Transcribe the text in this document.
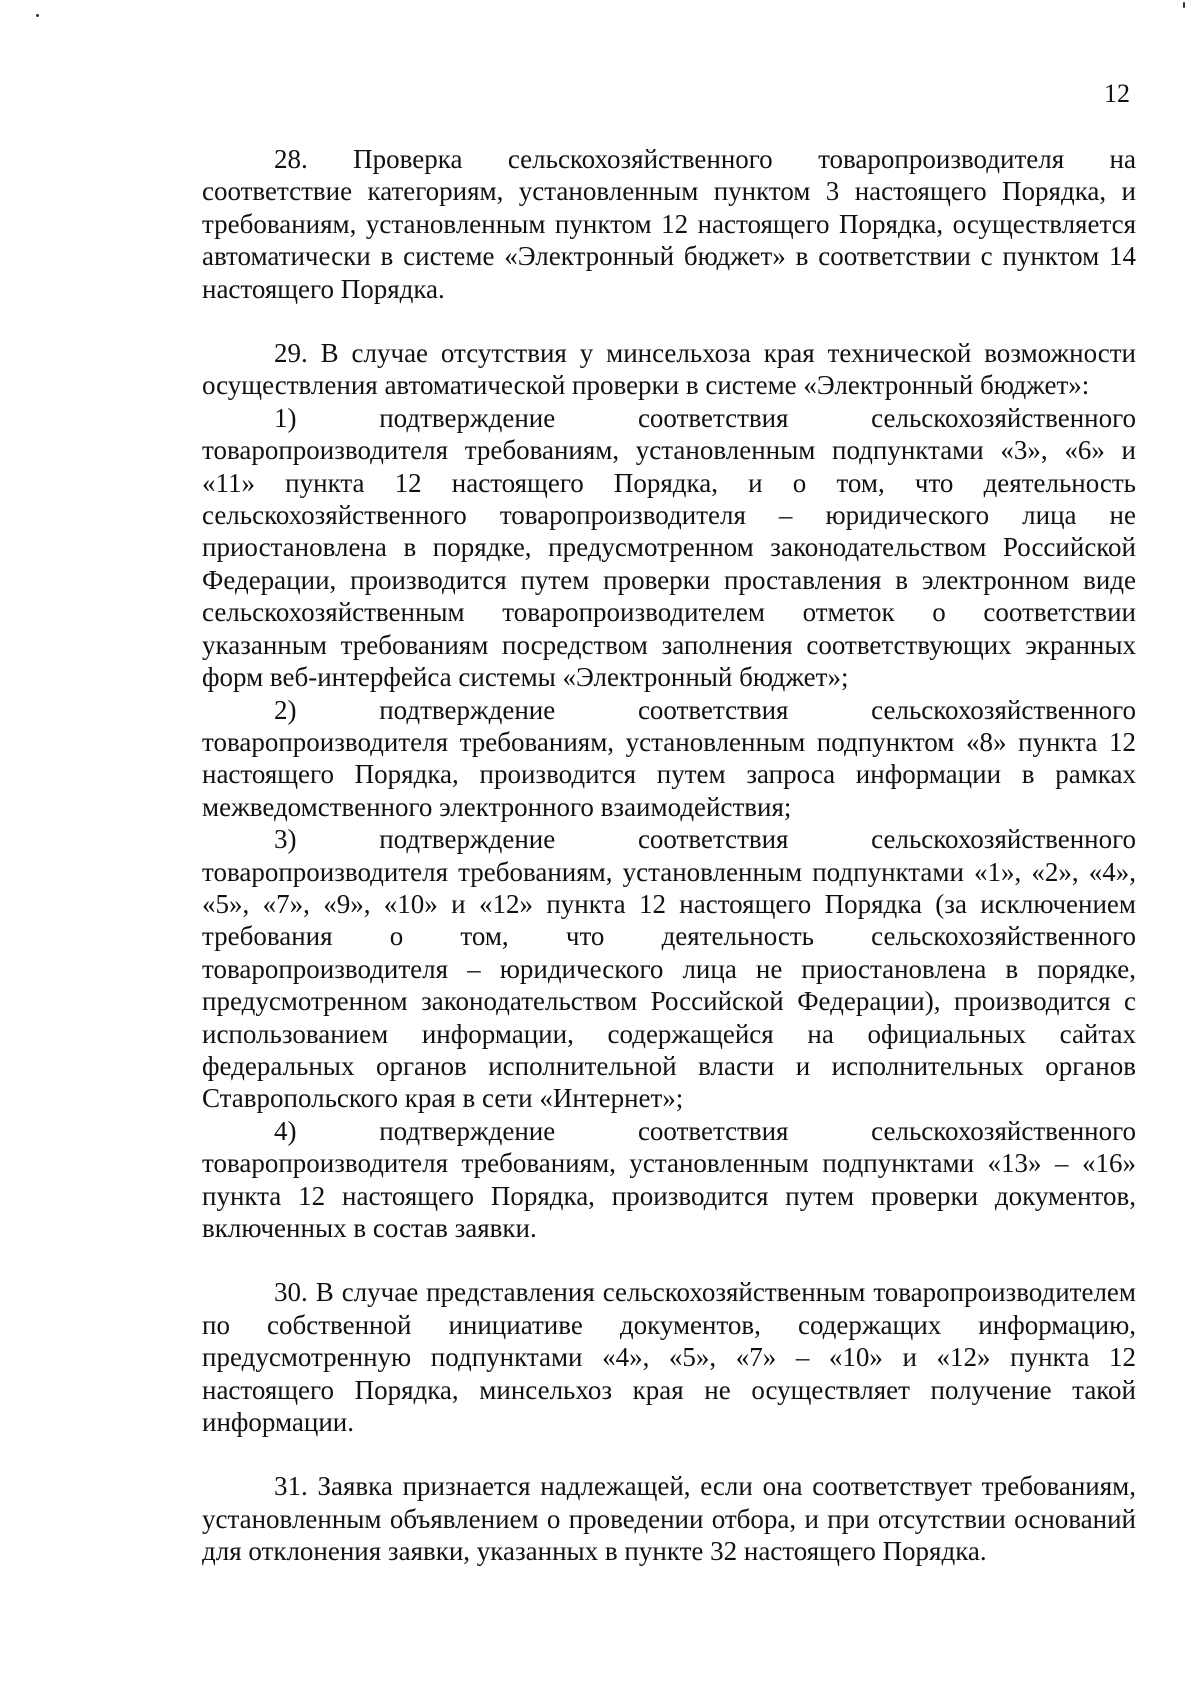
12

28. Проверка сельскохозяйственного товаропроизводителя на соответствие категориям, установленным пунктом 3 настоящего Порядка, и требованиям, установленным пунктом 12 настоящего Порядка, осуществляется автоматически в системе «Электронный бюджет» в соответствии с пунктом 14 настоящего Порядка.

29. В случае отсутствия у минсельхоза края технической возможности осуществления автоматической проверки в системе «Электронный бюджет»:

1) подтверждение соответствия сельскохозяйственного товаропроизводителя требованиям, установленным подпунктами «3», «6» и «11» пункта 12 настоящего Порядка, и о том, что деятельность сельскохозяйственного товаропроизводителя – юридического лица не приостановлена в порядке, предусмотренном законодательством Российской Федерации, производится путем проверки проставления в электронном виде сельскохозяйственным товаропроизводителем отметок о соответствии указанным требованиям посредством заполнения соответствующих экранных форм веб-интерфейса системы «Электронный бюджет»;

2) подтверждение соответствия сельскохозяйственного товаропроизводителя требованиям, установленным подпунктом «8» пункта 12 настоящего Порядка, производится путем запроса информации в рамках межведомственного электронного взаимодействия;

3) подтверждение соответствия сельскохозяйственного товаропроизводителя требованиям, установленным подпунктами «1», «2», «4», «5», «7», «9», «10» и «12» пункта 12 настоящего Порядка (за исключением требования о том, что деятельность сельскохозяйственного товаропроизводителя – юридического лица не приостановлена в порядке, предусмотренном законодательством Российской Федерации), производится с использованием информации, содержащейся на официальных сайтах федеральных органов исполнительной власти и исполнительных органов Ставропольского края в сети «Интернет»;

4) подтверждение соответствия сельскохозяйственного товаропроизводителя требованиям, установленным подпунктами «13» – «16» пункта 12 настоящего Порядка, производится путем проверки документов, включенных в состав заявки.

30. В случае представления сельскохозяйственным товаропроизводителем по собственной инициативе документов, содержащих информацию, предусмотренную подпунктами «4», «5», «7» – «10» и «12» пункта 12 настоящего Порядка, минсельхоз края не осуществляет получение такой информации.

31. Заявка признается надлежащей, если она соответствует требованиям, установленным объявлением о проведении отбора, и при отсутствии оснований для отклонения заявки, указанных в пункте 32 настоящего Порядка.
